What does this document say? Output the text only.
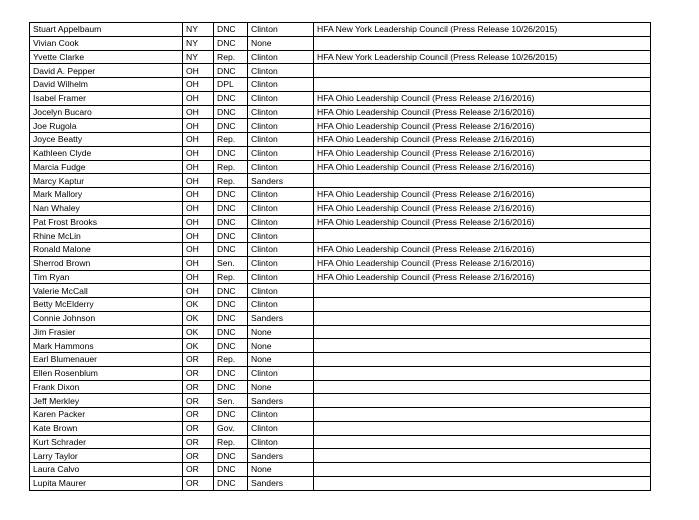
Stuart Appelbaum	NY	DNC	Clinton	HFA New York Leadership Council (Press Release 10/26/2015)
Vivian Cook	NY	DNC	None	
Yvette Clarke	NY	Rep.	Clinton	HFA New York Leadership Council (Press Release 10/26/2015)
David A. Pepper	OH	DNC	Clinton	
David Wilhelm	OH	DPL	Clinton	
Isabel Framer	OH	DNC	Clinton	HFA Ohio Leadership Council (Press Release 2/16/2016)
Jocelyn Bucaro	OH	DNC	Clinton	HFA Ohio Leadership Council (Press Release 2/16/2016)
Joe Rugola	OH	DNC	Clinton	HFA Ohio Leadership Council (Press Release 2/16/2016)
Joyce Beatty	OH	Rep.	Clinton	HFA Ohio Leadership Council (Press Release 2/16/2016)
Kathleen Clyde	OH	DNC	Clinton	HFA Ohio Leadership Council (Press Release 2/16/2016)
Marcia Fudge	OH	Rep.	Clinton	HFA Ohio Leadership Council (Press Release 2/16/2016)
Marcy Kaptur	OH	Rep.	Sanders	
Mark Mallory	OH	DNC	Clinton	HFA Ohio Leadership Council (Press Release 2/16/2016)
Nan Whaley	OH	DNC	Clinton	HFA Ohio Leadership Council (Press Release 2/16/2016)
Pat Frost Brooks	OH	DNC	Clinton	HFA Ohio Leadership Council (Press Release 2/16/2016)
Rhine McLin	OH	DNC	Clinton	
Ronald Malone	OH	DNC	Clinton	HFA Ohio Leadership Council (Press Release 2/16/2016)
Sherrod Brown	OH	Sen.	Clinton	HFA Ohio Leadership Council (Press Release 2/16/2016)
Tim Ryan	OH	Rep.	Clinton	HFA Ohio Leadership Council (Press Release 2/16/2016)
Valerie McCall	OH	DNC	Clinton	
Betty McElderry	OK	DNC	Clinton	
Connie Johnson	OK	DNC	Sanders	
Jim Frasier	OK	DNC	None	
Mark Hammons	OK	DNC	None	
Earl Blumenauer	OR	Rep.	None	
Ellen Rosenblum	OR	DNC	Clinton	
Frank Dixon	OR	DNC	None	
Jeff Merkley	OR	Sen.	Sanders	
Karen Packer	OR	DNC	Clinton	
Kate Brown	OR	Gov.	Clinton	
Kurt Schrader	OR	Rep.	Clinton	
Larry Taylor	OR	DNC	Sanders	
Laura Calvo	OR	DNC	None	
Lupita Maurer	OR	DNC	Sanders	
